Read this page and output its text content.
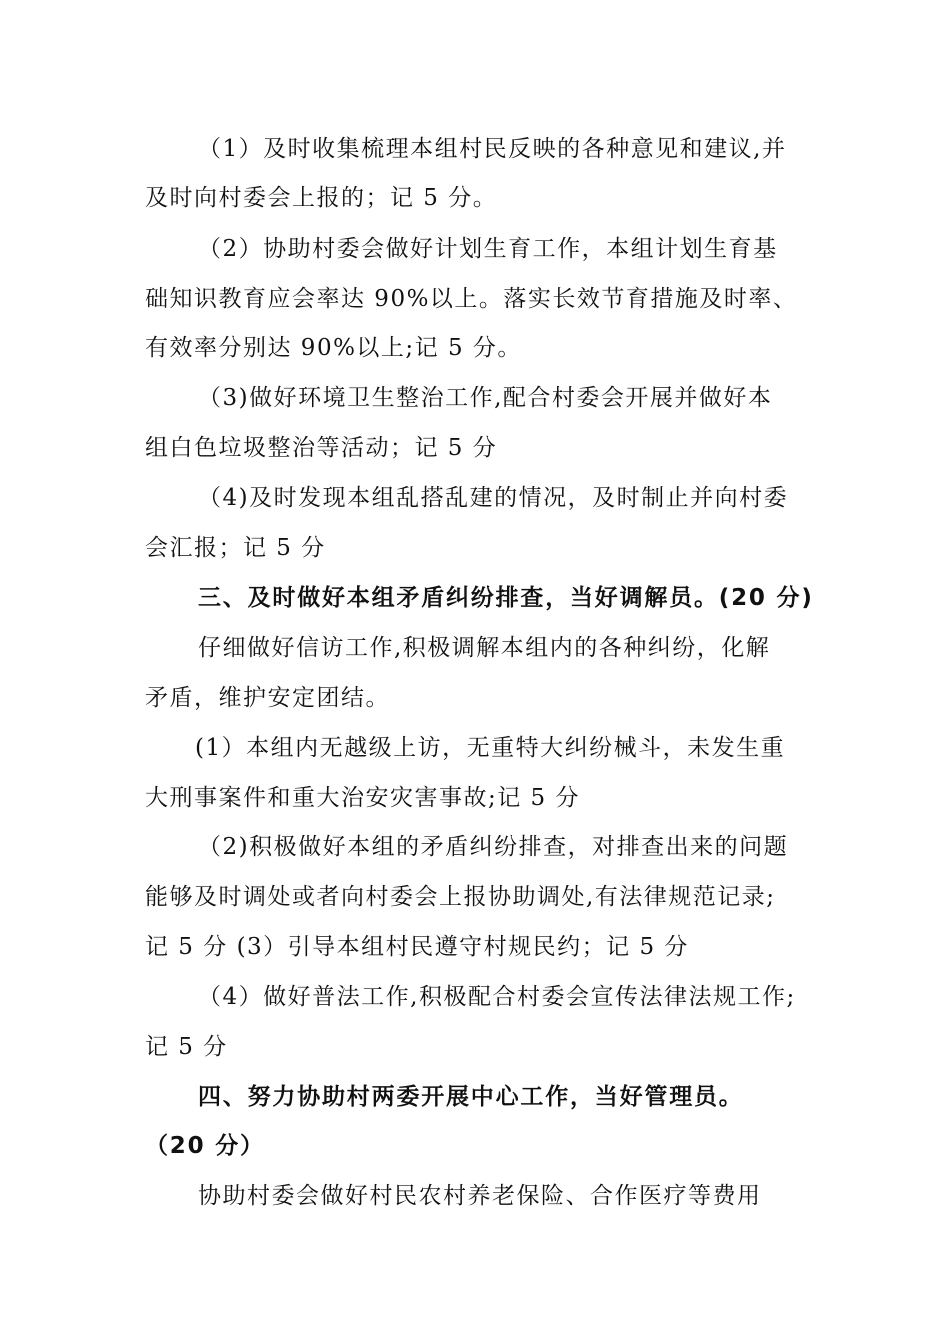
（1）及时收集梳理本组村民反映的各种意见和建议,并
及时向村委会上报的；记 5 分。
（2）协助村委会做好计划生育工作，本组计划生育基
础知识教育应会率达 90%以上。落实长效节育措施及时率、
有效率分别达 90%以上;记 5 分。
（3)做好环境卫生整治工作,配合村委会开展并做好本
组白色垃圾整治等活动；记 5 分
（4)及时发现本组乱搭乱建的情况，及时制止并向村委
会汇报；记 5 分
三、及时做好本组矛盾纠纷排查，当好调解员。(20 分)
仔细做好信访工作,积极调解本组内的各种纠纷，化解
矛盾，维护安定团结。
(1）本组内无越级上访，无重特大纠纷械斗，未发生重
大刑事案件和重大治安灾害事故;记 5 分
（2)积极做好本组的矛盾纠纷排查，对排查出来的问题
能够及时调处或者向村委会上报协助调处,有法律规范记录;
记 5 分 (3）引导本组村民遵守村规民约；记 5 分
（4）做好普法工作,积极配合村委会宣传法律法规工作;
记 5 分
四、努力协助村两委开展中心工作，当好管理员。
（20 分）
协助村委会做好村民农村养老保险、合作医疗等费用
